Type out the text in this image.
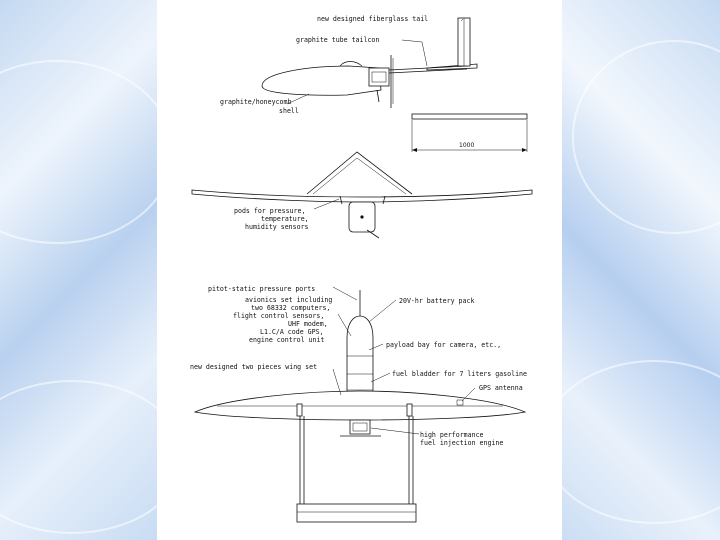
new designed fiberglass tail
graphite tube tailcon
graphite/honeycomb
shell
1000
pods for pressure,
temperature,
humidity sensors
pitot-static pressure ports
avionics set including
two 68332 computers,
flight control sensors,
UHF modem,
L1.C/A code GPS,
engine control unit
20V-hr battery pack
payload bay for camera, etc.,
new designed two pieces wing set
fuel bladder for 7 liters gasoline
GPS antenna
high performance
fuel injection engine
